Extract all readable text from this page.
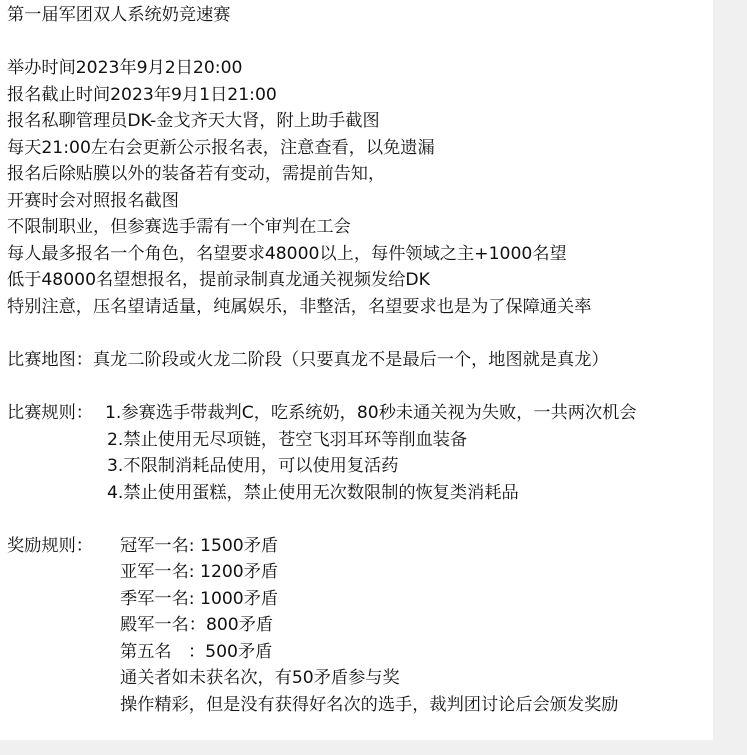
第一届军团双人系统奶竞速赛
举办时间2023年9月2日20:00
报名截止时间2023年9月1日21:00
报名私聊管理员DK-金戈齐天大肾，附上助手截图
每天21:00左右会更新公示报名表，注意查看，以免遗漏
报名后除贴膜以外的装备若有变动，需提前告知，
开赛时会对照报名截图
不限制职业，但参赛选手需有一个审判在工会
每人最多报名一个角色，名望要求48000以上，每件领域之主+1000名望
低于48000名望想报名，提前录制真龙通关视频发给DK
特别注意，压名望请适量，纯属娱乐，非整活，名望要求也是为了保障通关率
比赛地图：真龙二阶段或火龙二阶段（只要真龙不是最后一个，地图就是真龙）
比赛规则： 1.参赛选手带裁判C，吃系统奶，80秒未通关视为失败，一共两次机会
2.禁止使用无尽项链，苍空飞羽耳环等削血装备
3.不限制消耗品使用，可以使用复活药
4.禁止使用蛋糕，禁止使用无次数限制的恢复类消耗品
奖励规则： 冠军一名: 1500矛盾
亚军一名: 1200矛盾
季军一名: 1000矛盾
殿军一名：800矛盾
第五名   ：500矛盾
通关者如未获名次，有50矛盾参与奖
操作精彩，但是没有获得好名次的选手，裁判团讨论后会颁发奖励
